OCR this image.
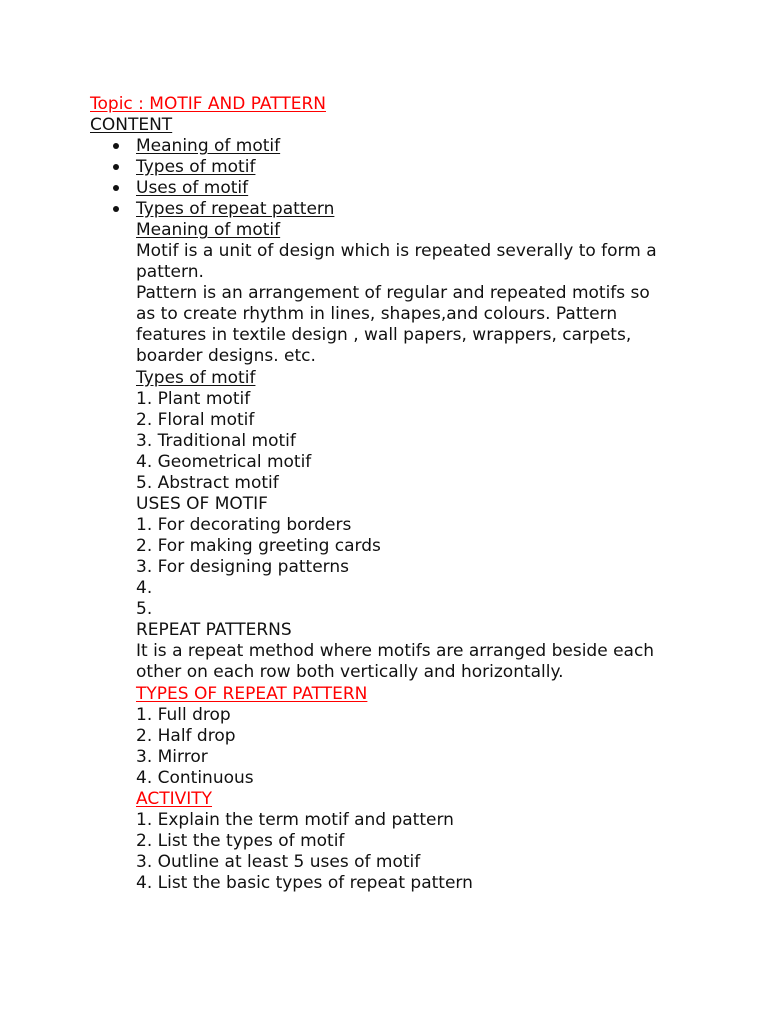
Topic : MOTIF AND PATTERN
CONTENT
Meaning of motif
Types of motif
Uses of motif
Types of repeat pattern
Meaning of motif
Motif is a unit of design which is repeated severally to form a
pattern.
Pattern is an arrangement of regular and repeated motifs so
as to create rhythm in lines, shapes,and colours. Pattern
features in textile design , wall papers, wrappers, carpets,
boarder designs. etc.
Types of motif
1. Plant motif
2. Floral motif
3. Traditional motif
4. Geometrical motif
5. Abstract motif
USES OF MOTIF
1. For decorating borders
2. For making greeting cards
3. For designing patterns
4.
5.
REPEAT PATTERNS
It is a repeat method where motifs are arranged beside each
other on each row both vertically and horizontally.
TYPES OF REPEAT PATTERN
1. Full drop
2. Half drop
3. Mirror
4. Continuous
ACTIVITY
1. Explain the term motif and pattern
2. List the types of motif
3. Outline at least 5 uses of motif
4. List the basic types of repeat pattern
